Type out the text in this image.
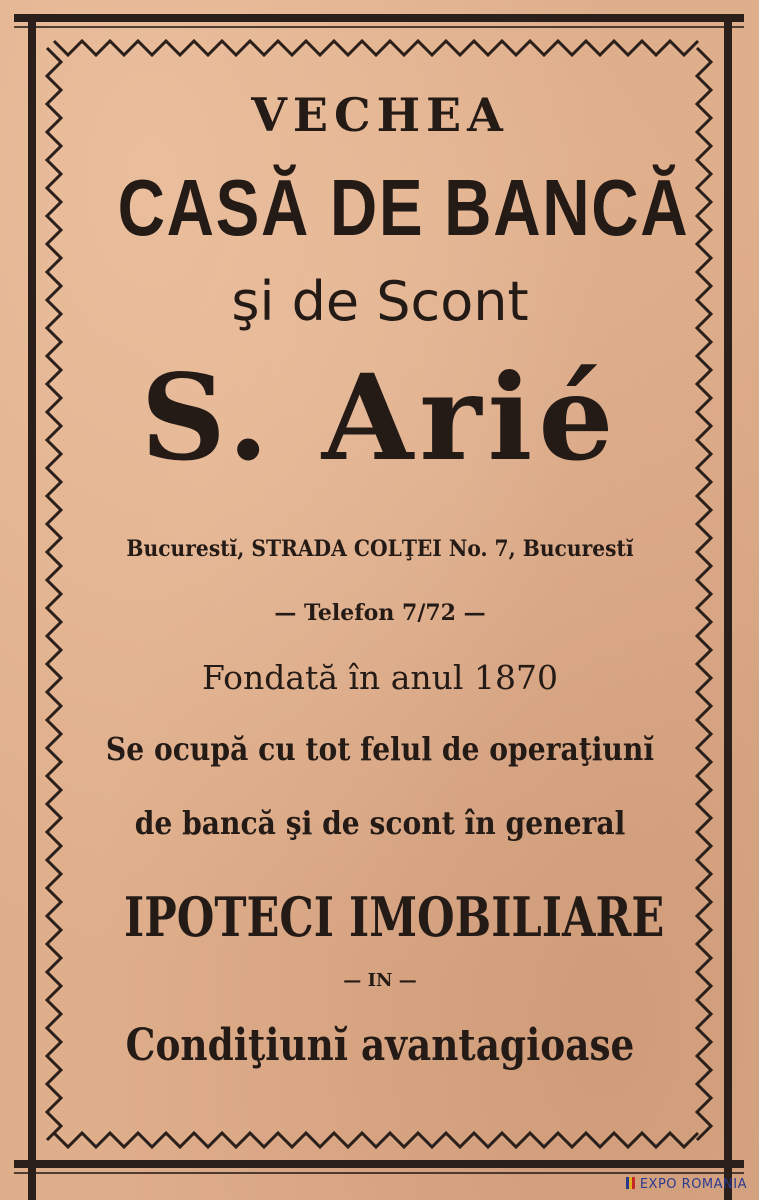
VECHEA
CASĂ DE BANCĂ
şi de Scont
S. Arié
Bucurestĭ, STRADA COLŢEI No. 7, Bucurestĭ
— Telefon 7/72 —
Fondată în anul 1870
Se ocupă cu tot felul de operaţiunĭ
de bancă şi de scont în general
IPOTECI IMOBILIARE
— IN —
Condiţiunĭ avantagioase
EXPO ROMANIA
